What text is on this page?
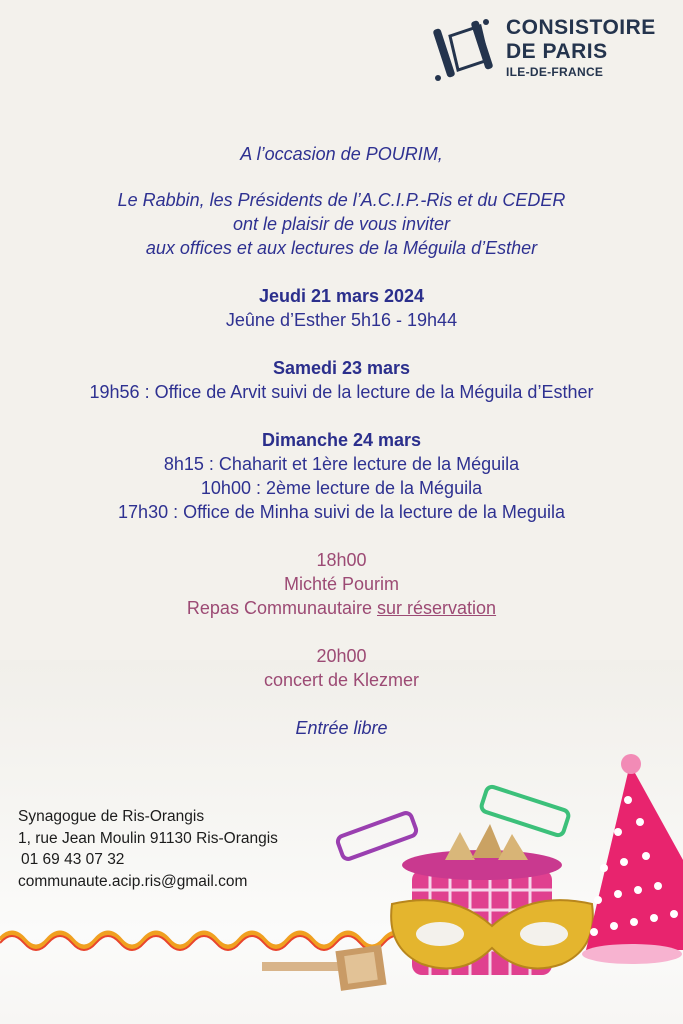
CONSISTOIRE
DE PARIS
ILE-DE-FRANCE
A l’occasion de POURIM,
Le Rabbin, les Présidents de l’A.C.I.P.-Ris et du CEDER
ont le plaisir de vous inviter
aux offices et aux lectures de la Méguila d’Esther
Jeudi 21 mars 2024
Jeûne d’Esther 5h16 - 19h44
Samedi 23 mars
19h56 : Office de Arvit suivi de la lecture de la Méguila d’Esther
Dimanche 24 mars
8h15 : Chaharit et 1ère lecture de la Méguila
10h00 : 2ème lecture de la Méguila
17h30 : Office de Minha suivi de la lecture de la Meguila
18h00
Michté Pourim
Repas Communautaire sur réservation
20h00
concert de Klezmer
Entrée libre
Synagogue de Ris-Orangis
1, rue Jean Moulin 91130 Ris-Orangis
01 69 43 07 32
communaute.acip.ris@gmail.com
